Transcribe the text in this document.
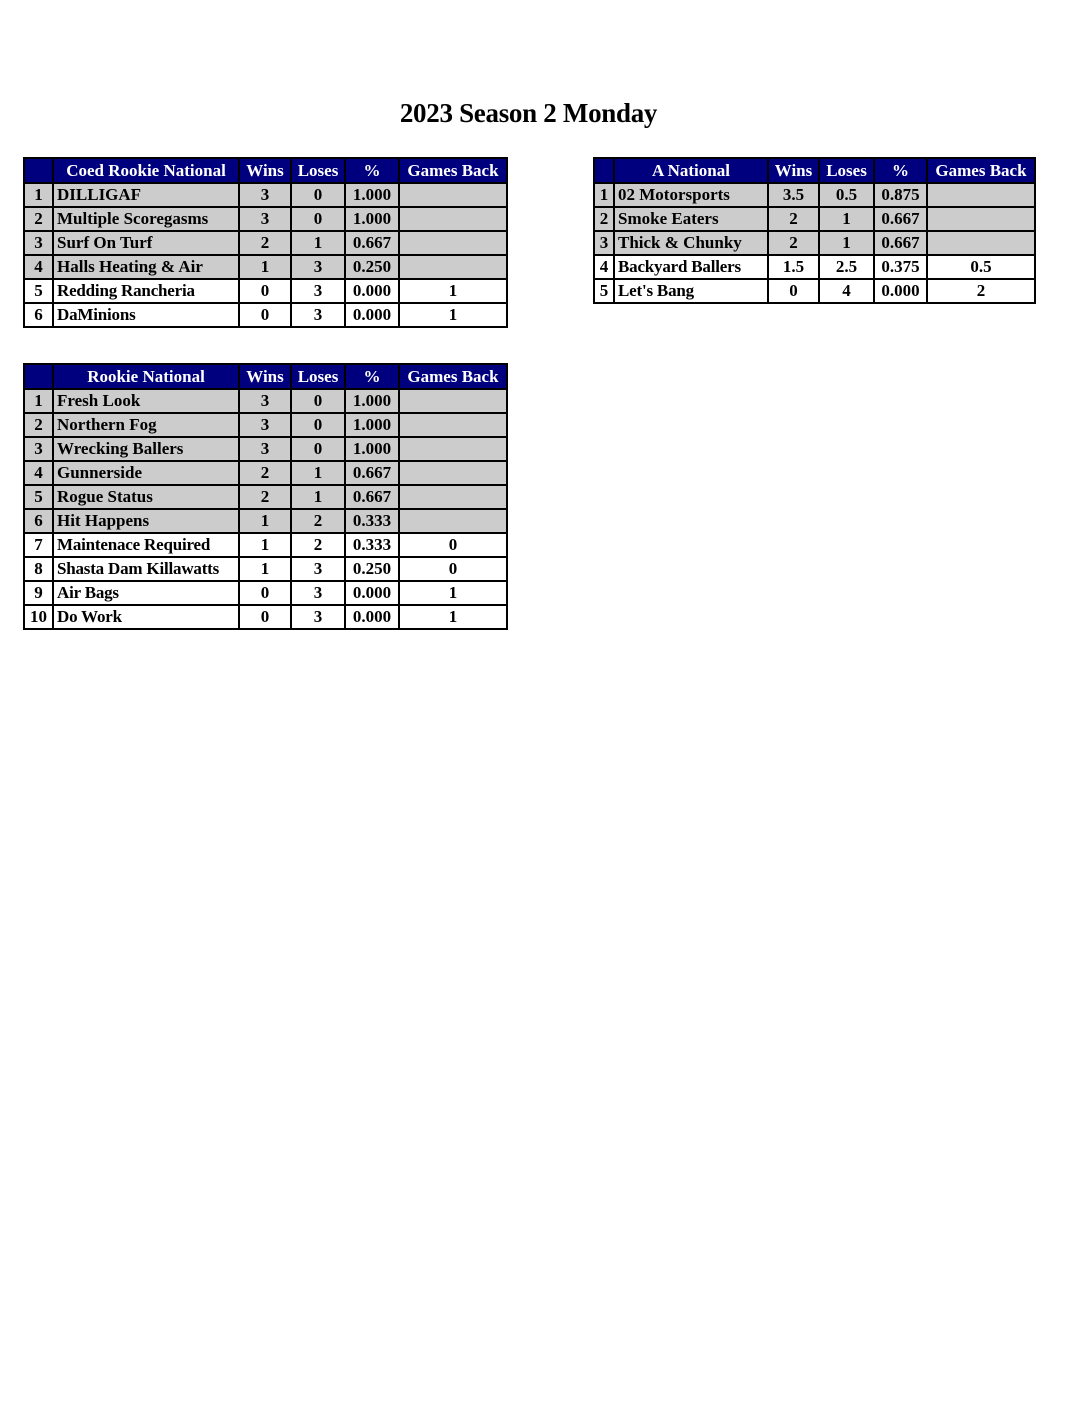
2023 Season 2 Monday
	Coed Rookie National	Wins	Loses	%	Games Back
1	DILLIGAF	3	0	1.000	
2	Multiple Scoregasms	3	0	1.000	
3	Surf On Turf	2	1	0.667	
4	Halls Heating & Air	1	3	0.250	
5	Redding Rancheria	0	3	0.000	1
6	DaMinions	0	3	0.000	1
	A National	Wins	Loses	%	Games Back
1	02 Motorsports	3.5	0.5	0.875	
2	Smoke Eaters	2	1	0.667	
3	Thick & Chunky	2	1	0.667	
4	Backyard Ballers	1.5	2.5	0.375	0.5
5	Let's Bang	0	4	0.000	2
	Rookie National	Wins	Loses	%	Games Back
1	Fresh Look	3	0	1.000	
2	Northern Fog	3	0	1.000	
3	Wrecking Ballers	3	0	1.000	
4	Gunnerside	2	1	0.667	
5	Rogue Status	2	1	0.667	
6	Hit Happens	1	2	0.333	
7	Maintenace Required	1	2	0.333	0
8	Shasta Dam Killawatts	1	3	0.250	0
9	Air Bags	0	3	0.000	1
10	Do Work	0	3	0.000	1
